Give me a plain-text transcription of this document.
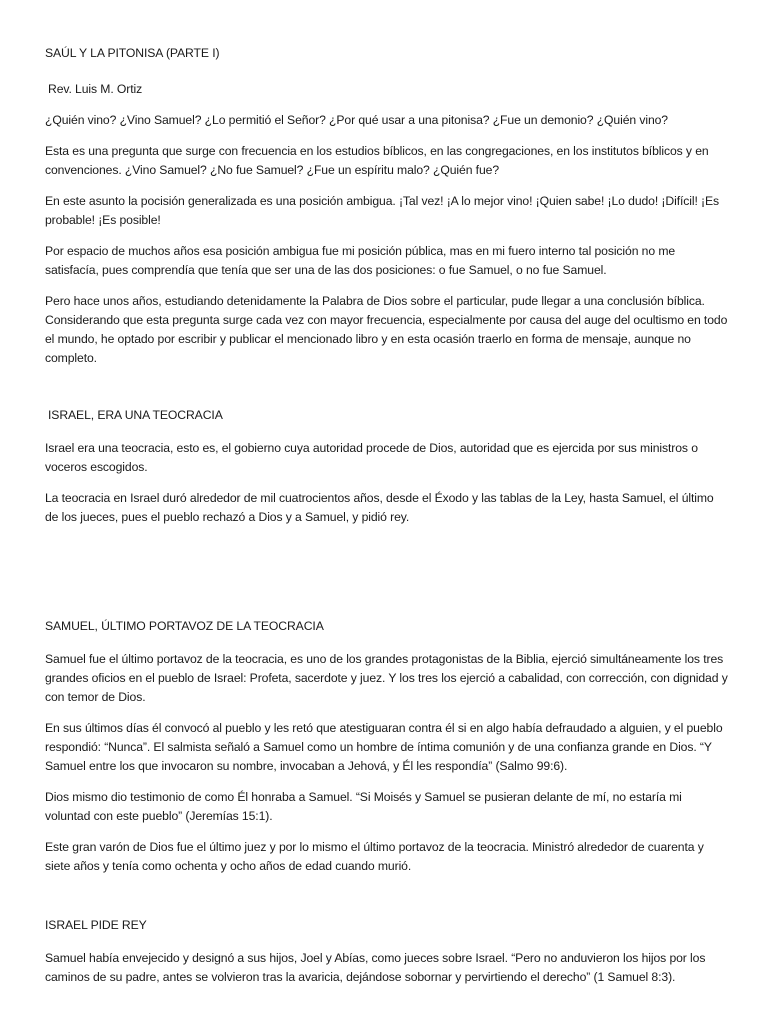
SAÚL Y LA PITONISA (PARTE I)
Rev. Luis M. Ortiz

¿Quién vino? ¿Vino Samuel? ¿Lo permitió el Señor? ¿Por qué usar a una pitonisa? ¿Fue un demonio? ¿Quién vino?

Esta es una pregunta que surge con frecuencia en los estudios bíblicos, en las congregaciones, en los institutos bíblicos y en convenciones. ¿Vino Samuel? ¿No fue Samuel? ¿Fue un espíritu malo? ¿Quién fue?

En este asunto la pocisión generalizada es una posición ambigua. ¡Tal vez! ¡A lo mejor vino! ¡Quien sabe! ¡Lo dudo! ¡Difícil! ¡Es probable! ¡Es posible!

Por espacio de muchos años esa posición ambigua fue mi posición pública, mas en mi fuero interno tal posición no me satisfacía, pues comprendía que tenía que ser una de las dos posiciones: o fue Samuel, o no fue Samuel.

Pero hace unos años, estudiando detenidamente la Palabra de Dios sobre el particular, pude llegar a una conclusión bíblica. Considerando que esta pregunta surge cada vez con mayor frecuencia, especialmente por causa del auge del ocultismo en todo el mundo, he optado por escribir y publicar el mencionado libro y en esta ocasión traerlo en forma de mensaje, aunque no completo.

ISRAEL, ERA UNA TEOCRACIA

Israel era una teocracia, esto es, el gobierno cuya autoridad procede de Dios, autoridad que es ejercida por sus ministros o voceros escogidos.

La teocracia en Israel duró alrededor de mil cuatrocientos años, desde el Éxodo y las tablas de la Ley, hasta Samuel, el último de los jueces, pues el pueblo rechazó a Dios y a Samuel, y pidió rey.

SAMUEL, ÚLTIMO PORTAVOZ DE LA TEOCRACIA

Samuel fue el último portavoz de la teocracia, es uno de los grandes protagonistas de la Biblia, ejerció simultáneamente los tres grandes oficios en el pueblo de Israel: Profeta, sacerdote y juez. Y los tres los ejerció a cabalidad, con corrección, con dignidad y con temor de Dios.

En sus últimos días él convocó al pueblo y les retó que atestiguaran contra él si en algo había defraudado a alguien, y el pueblo respondió: “Nunca”. El salmista señaló a Samuel como un hombre de íntima comunión y de una confianza grande en Dios. “Y Samuel entre los que invocaron su nombre, invocaban a Jehová, y Él les respondía” (Salmo 99:6).

Dios mismo dio testimonio de como Él honraba a Samuel. “Si Moisés y Samuel se pusieran delante de mí, no estaría mi voluntad con este pueblo” (Jeremías 15:1).

Este gran varón de Dios fue el último juez y por lo mismo el último portavoz de la teocracia. Ministró alrededor de cuarenta y siete años y tenía como ochenta y ocho años de edad cuando murió.

ISRAEL PIDE REY

Samuel había envejecido y designó a sus hijos, Joel y Abías, como jueces sobre Israel. “Pero no anduvieron los hijos por los caminos de su padre, antes se volvieron tras la avaricia, dejándose sobornar y pervirtiendo el derecho” (1 Samuel 8:3).
